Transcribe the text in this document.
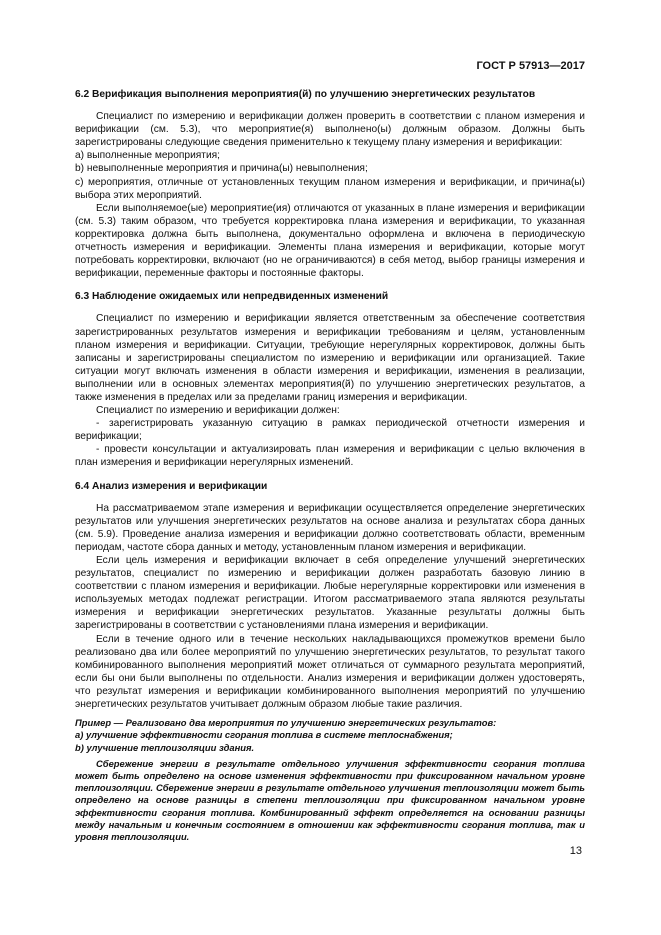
ГОСТ Р 57913—2017
6.2 Верификация выполнения мероприятия(й) по улучшению энергетических результатов

Специалист по измерению и верификации должен проверить в соответствии с планом измерения и верификации (см. 5.3), что мероприятие(я) выполнено(ы) должным образом. Должны быть зарегистрированы следующие сведения применительно к текущему плану измерения и верификации:

а) выполненные мероприятия;

b) невыполненные мероприятия и причина(ы) невыполнения;

с) мероприятия, отличные от установленных текущим планом измерения и верификации, и причина(ы) выбора этих мероприятий.

Если выполняемое(ые) мероприятие(ия) отличаются от указанных в плане измерения и верификации (см. 5.3) таким образом, что требуется корректировка плана измерения и верификации, то указанная корректировка должна быть выполнена, документально оформлена и включена в периодическую отчетность измерения и верификации. Элементы плана измерения и верификации, которые могут потребовать корректировки, включают (но не ограничиваются) в себя метод, выбор границы измерения и верификации, переменные факторы и постоянные факторы.

6.3 Наблюдение ожидаемых или непредвиденных изменений

Специалист по измерению и верификации является ответственным за обеспечение соответствия зарегистрированных результатов измерения и верификации требованиям и целям, установленным планом измерения и верификации. Ситуации, требующие нерегулярных корректировок, должны быть записаны и зарегистрированы специалистом по измерению и верификации или организацией. Такие ситуации могут включать изменения в области измерения и верификации, изменения в реализации, выполнении или в основных элементах мероприятия(й) по улучшению энергетических результатов, а также изменения в пределах или за пределами границ измерения и верификации.

Специалист по измерению и верификации должен:

- зарегистрировать указанную ситуацию в рамках периодической отчетности измерения и верификации;

- провести консультации и актуализировать план измерения и верификации с целью включения в план измерения и верификации нерегулярных изменений.

6.4 Анализ измерения и верификации

На рассматриваемом этапе измерения и верификации осуществляется определение энергетических результатов или улучшения энергетических результатов на основе анализа и результатах сбора данных (см. 5.9). Проведение анализа измерения и верификации должно соответствовать области, временным периодам, частоте сбора данных и методу, установленным планом измерения и верификации.

Если цель измерения и верификации включает в себя определение улучшений энергетических результатов, специалист по измерению и верификации должен разработать базовую линию в соответствии с планом измерения и верификации. Любые нерегулярные корректировки или изменения в используемых методах подлежат регистрации. Итогом рассматриваемого этапа являются результаты измерения и верификации энергетических результатов. Указанные результаты должны быть зарегистрированы в соответствии с установлениями плана измерения и верификации.

Если в течение одного или в течение нескольких накладывающихся промежутков времени было реализовано два или более мероприятий по улучшению энергетических результатов, то результат такого комбинированного выполнения мероприятий может отличаться от суммарного результата мероприятий, если бы они были выполнены по отдельности. Анализ измерения и верификации должен удостоверять, что результат измерения и верификации комбинированного выполнения мероприятий по улучшению энергетических результатов учитывает должным образом любые такие различия.

Пример — Реализовано два мероприятия по улучшению энергетических результатов:

а) улучшение эффективности сгорания топлива в системе теплоснабжения;

b) улучшение теплоизоляции здания.

Сбережение энергии в результате отдельного улучшения эффективности сгорания топлива может быть определено на основе изменения эффективности при фиксированном начальном уровне теплоизоляции. Сбережение энергии в результате отдельного улучшения теплоизоляции может быть определено на основе разницы в степени теплоизоляции при фиксированном начальном уровне эффективности сгорания топлива. Комбинированный эффект определяется на основании разницы между начальным и конечным состоянием в отношении как эффективности сгорания топлива, так и уровня теплоизоляции.

13
